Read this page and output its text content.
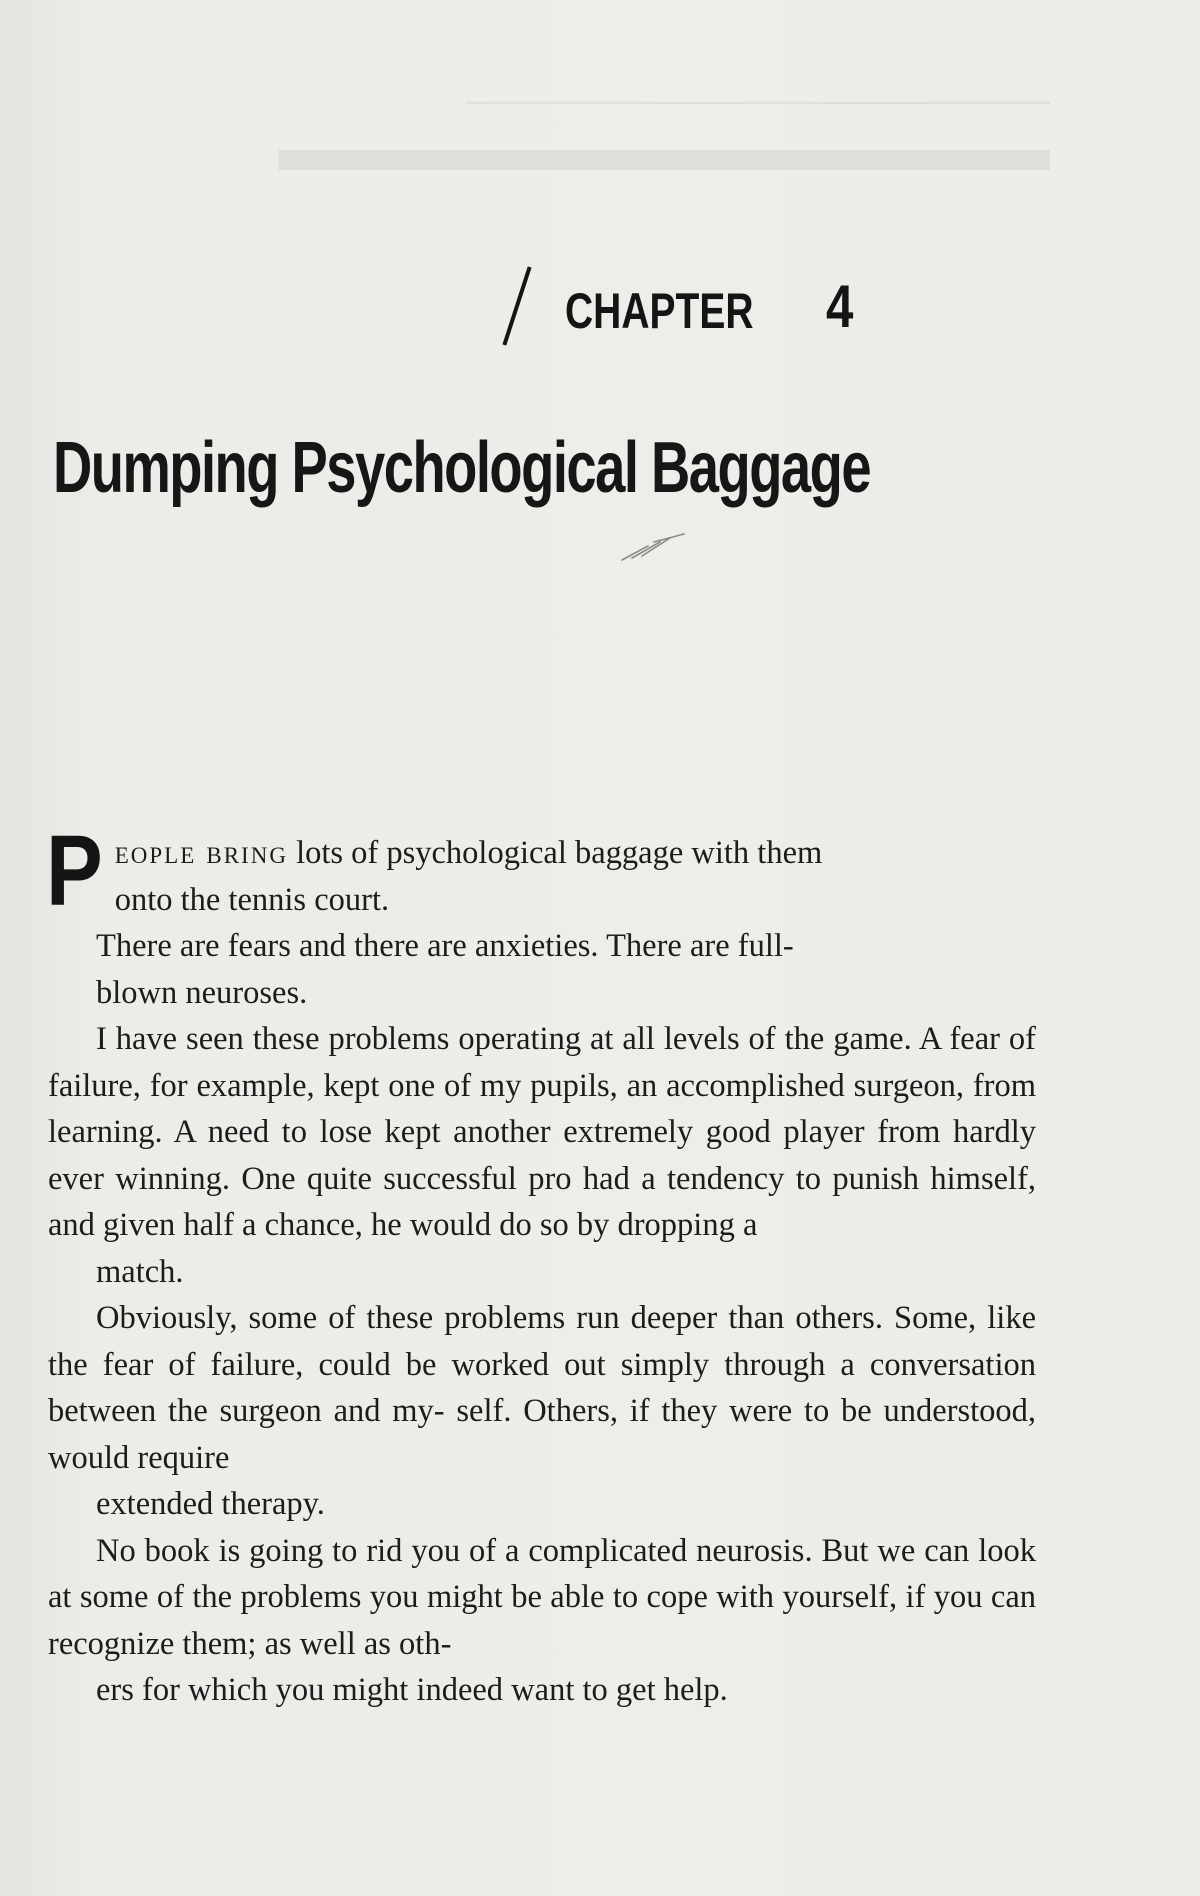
─────────────────────────
▄▄▄▄▄▄▄▄▄▄▄▄▄▄▄▄▄▄▄▄▄▄▄▄▄▄▄▄▄▄▄▄▄
CHAPTER 4
Dumping Psychological Baggage

P eople bring lots of psychological baggage with them
onto the tennis court.

There are fears and there are anxieties. There are full-
blown neuroses.

I have seen these problems operating at all levels of the game. A fear of failure, for example, kept one of my pupils, an accomplished surgeon, from learning. A need to lose kept another extremely good player from hardly ever winning. One quite successful pro had a tendency to punish himself, and given half a chance, he would do so by dropping a
match.

Obviously, some of these problems run deeper than others. Some, like the fear of failure, could be worked out simply through a conversation between the surgeon and my- self. Others, if they were to be understood, would require
extended therapy.

No book is going to rid you of a complicated neurosis. But we can look at some of the problems you might be able to cope with yourself, if you can recognize them; as well as oth-
ers for which you might indeed want to get help.
